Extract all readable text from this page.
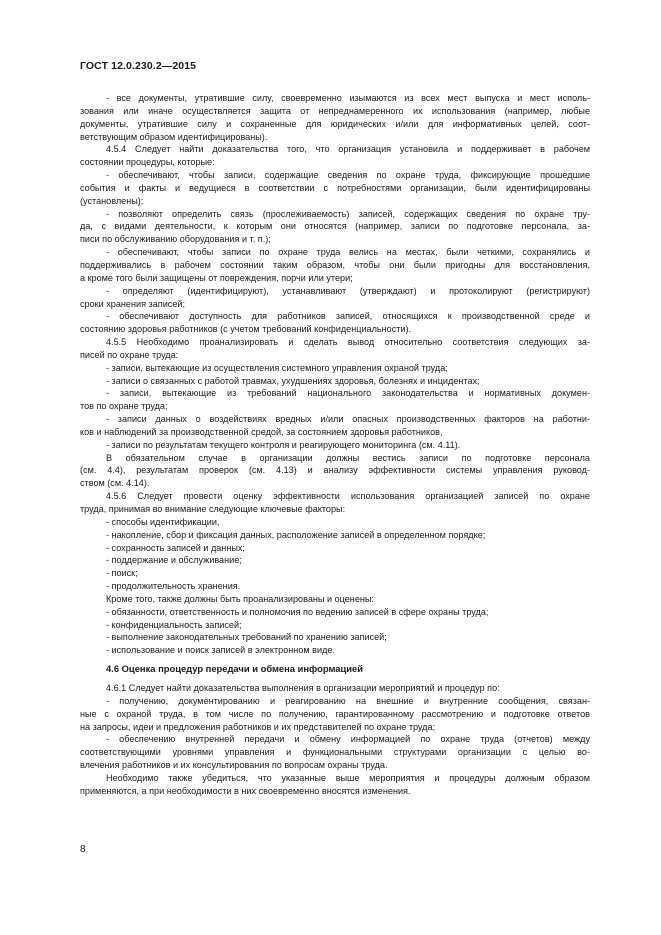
ГОСТ 12.0.230.2—2015
- все документы, утратившие силу, своевременно изымаются из всех мест выпуска и мест исполь-
зования или иначе осуществляется защита от непреднамеренного их использования (например, любые
документы, утратившие силу и сохраненные для юридических и/или для информативных целей, соот-
ветствующим образом идентифицированы).
4.5.4 Следует найти доказательства того, что организация установила и поддерживает в рабочем
состоянии процедуры, которые:
- обеспечивают, чтобы записи, содержащие сведения по охране труда, фиксирующие прошедшие
события и факты и ведущиеся в соответствии с потребностями организации, были идентифицированы
(установлены);
- позволяют определить связь (прослеживаемость) записей, содержащих сведения по охране тру-
да, с видами деятельности, к которым они относятся (например, записи по подготовке персонала, за-
писи по обслуживанию оборудования и т. п.);
- обеспечивают, чтобы записи по охране труда велись на местах, были четкими, сохранялись и
поддерживались в рабочем состоянии таким образом, чтобы они были пригодны для восстановления,
а кроме того были защищены от повреждения, порчи или утери;
- определяют (идентифицируют), устанавливают (утверждают) и протоколируют (регистрируют)
сроки хранения записей;
- обеспечивают доступность для работников записей, относящихся к производственной среде и
состоянию здоровья работников (с учетом требований конфиденциальности).
4.5.5 Необходимо проанализировать и сделать вывод относительно соответствия следующих за-
писей по охране труда:
- записи, вытекающие из осуществления системного управления охраной труда;
- записи о связанных с работой травмах, ухудшениях здоровья, болезнях и инцидентах;
- записи, вытекающие из требований национального законодательства и нормативных докумен-
тов по охране труда;
- записи данных о воздействиях вредных и/или опасных производственных факторов на работни-
ков и наблюдений за производственной средой, за состоянием здоровья работников,
- записи по результатам текущего контроля и реагирующего мониторинга (см. 4.11).
В обязательном случае в организации должны вестись записи по подготовке персонала
(см. 4.4), результатам проверок (см. 4.13) и анализу эффективности системы управления руковод-
ством (см. 4.14).
4.5.6 Следует провести оценку эффективности использования организацией записей по охране
труда, принимая во внимание следующие ключевые факторы:
- способы идентификации,
- накопление, сбор и фиксация данных, расположение записей в определенном порядке;
- сохранность записей и данных;
- поддержание и обслуживание;
- поиск;
- продолжительность хранения.
Кроме того, также должны быть проанализированы и оценены:
- обязанности, ответственность и полномочия по ведению записей в сфере охраны труда;
- конфиденциальность записей;
- выполнение законодательных требований по хранению записей;
- использование и поиск записей в электронном виде.
4.6 Оценка процедур передачи и обмена информацией
4.6.1 Следует найти доказательства выполнения в организации мероприятий и процедур по:
- получению, документированию и реагированию на внешние и внутренние сообщения, связан-
ные с охраной труда, в том числе по получению, гарантированному рассмотрению и подготовке ответов
на запросы, идеи и предложения работников и их представителей по охране труда;
- обеспечению внутренней передачи и обмену информацией по охране труда (отчетов) между
соответствующими уровнями управления и функциональными структурами организации с целью во-
влечения работников и их консультирования по вопросам охраны труда.
Необходимо также убедиться, что указанные выше мероприятия и процедуры должным образом
применяются, а при необходимости в них своевременно вносятся изменения.
8
